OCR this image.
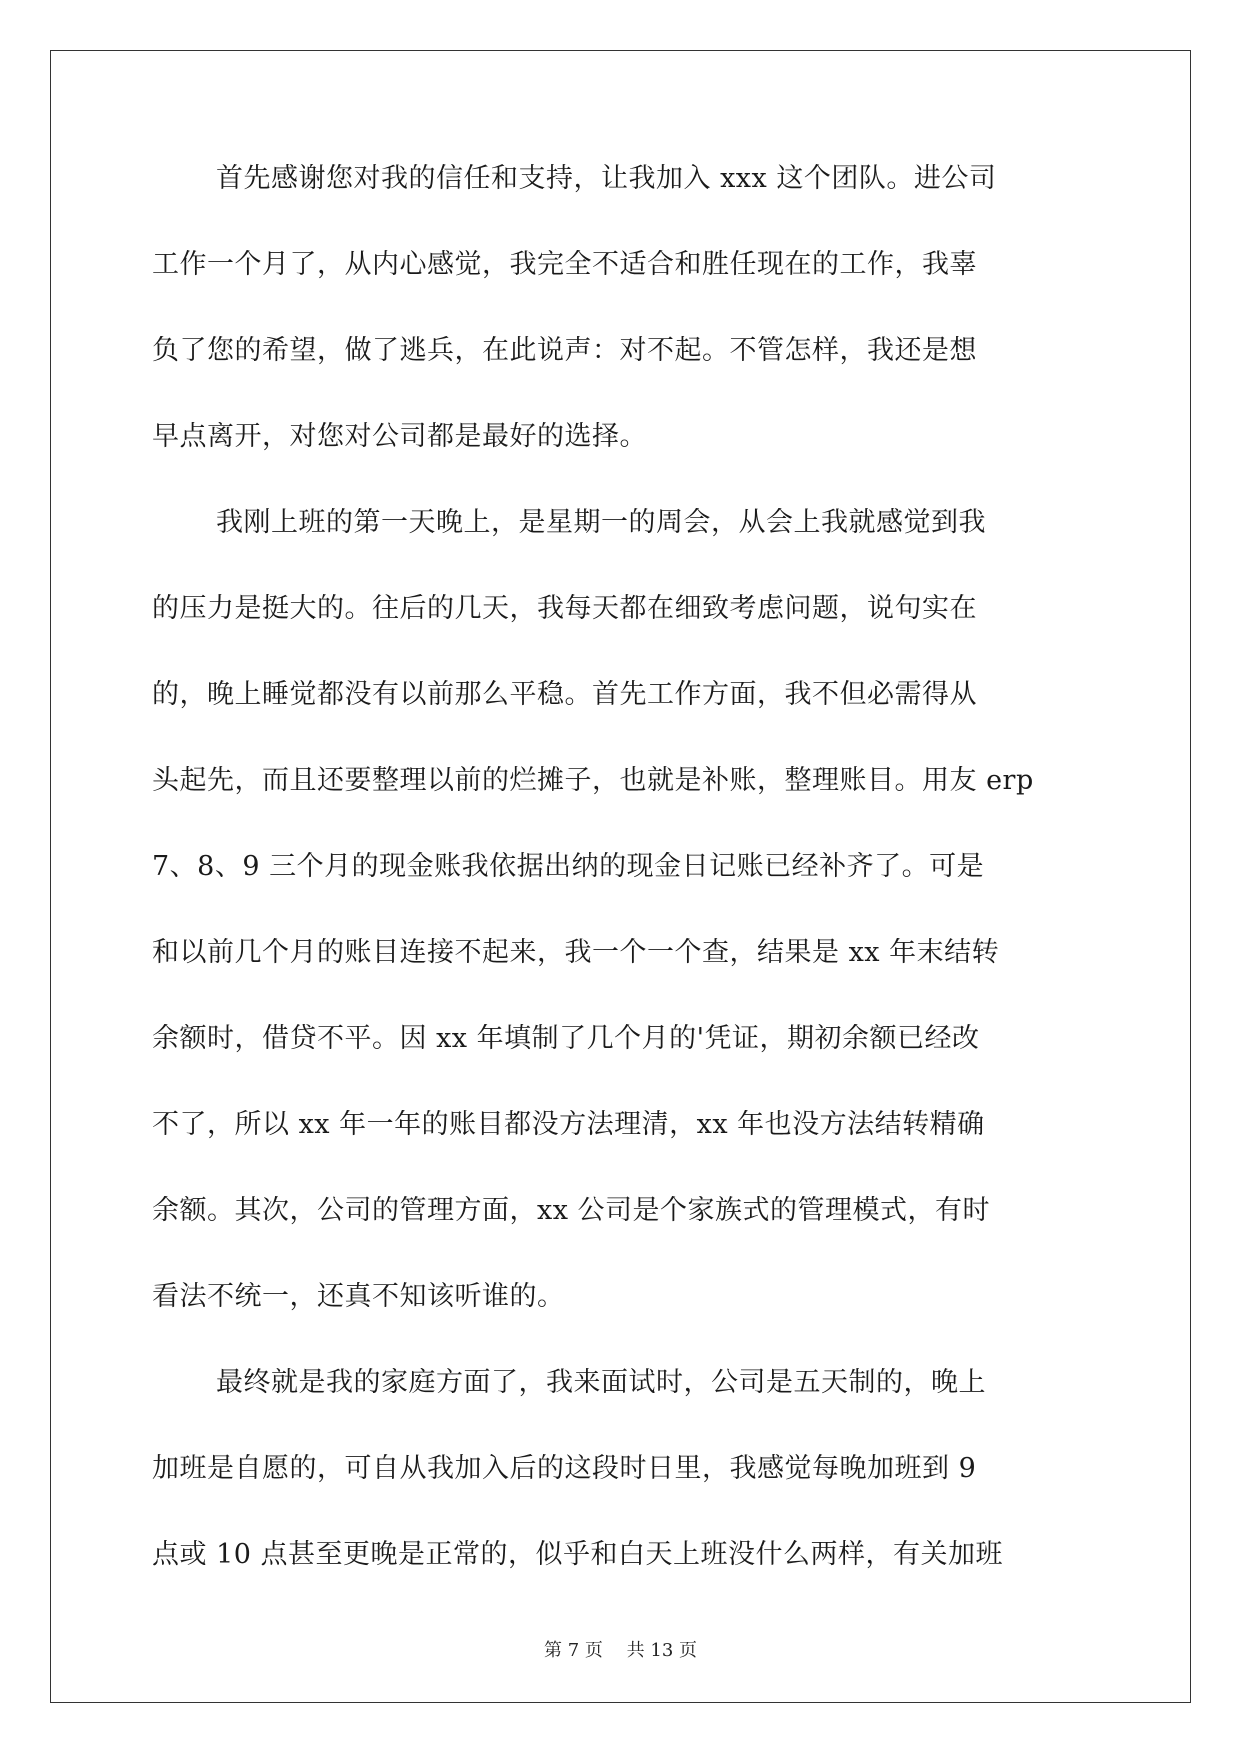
首先感谢您对我的信任和支持，让我加入 xxx 这个团队。进公司
工作一个月了，从内心感觉，我完全不适合和胜任现在的工作，我辜
负了您的希望，做了逃兵，在此说声：对不起。不管怎样，我还是想
早点离开，对您对公司都是最好的选择。
我刚上班的第一天晚上，是星期一的周会，从会上我就感觉到我
的压力是挺大的。往后的几天，我每天都在细致考虑问题，说句实在
的，晚上睡觉都没有以前那么平稳。首先工作方面，我不但必需得从
头起先，而且还要整理以前的烂摊子，也就是补账，整理账目。用友 erp
7、8、9 三个月的现金账我依据出纳的现金日记账已经补齐了。可是
和以前几个月的账目连接不起来，我一个一个查，结果是 xx 年末结转
余额时，借贷不平。因 xx 年填制了几个月的'凭证，期初余额已经改
不了，所以 xx 年一年的账目都没方法理清，xx 年也没方法结转精确
余额。其次，公司的管理方面，xx 公司是个家族式的管理模式，有时
看法不统一，还真不知该听谁的。
最终就是我的家庭方面了，我来面试时，公司是五天制的，晚上
加班是自愿的，可自从我加入后的这段时日里，我感觉每晚加班到 9
点或 10 点甚至更晚是正常的，似乎和白天上班没什么两样，有关加班
第 7 页 共 13 页
